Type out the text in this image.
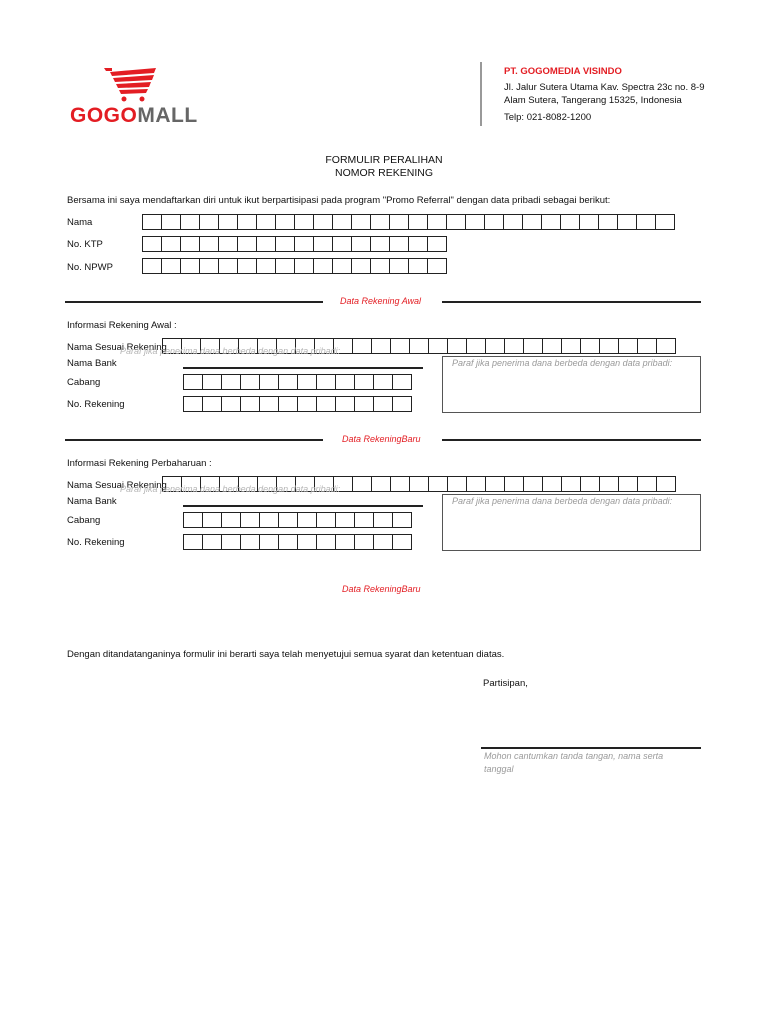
GOGOMALL
PT. GOGOMEDIA VISINDO
Jl. Jalur Sutera Utama Kav. Spectra 23c no. 8-9
Alam Sutera, Tangerang 15325, Indonesia
Telp: 021-8082-1200
FORMULIR PERALIHAN
NOMOR REKENING
Bersama ini saya mendaftarkan diri untuk ikut berpartisipasi pada program "Promo Referral" dengan data pribadi sebagai berikut:
Nama
No. KTP
No. NPWP
Data Rekening Awal
Informasi Rekening Awal :
Nama Sesuai Rekening
Paraf jika penerima dana berbeda dengan data pribadi:
Nama Bank
Cabang
No. Rekening
Paraf jika penerima dana berbeda dengan data pribadi:
Data RekeningBaru
Informasi Rekening Perbaharuan :
Nama Sesuai Rekening
Paraf jika penerima dana berbeda dengan data pribadi:
Nama Bank
Cabang
No. Rekening
Paraf jika penerima dana berbeda dengan data pribadi:
Data RekeningBaru
Dengan ditandatanganinya formulir ini berarti saya telah menyetujui semua syarat dan ketentuan diatas.
Partisipan,
Mohon cantumkan tanda tangan, nama serta
tanggal
